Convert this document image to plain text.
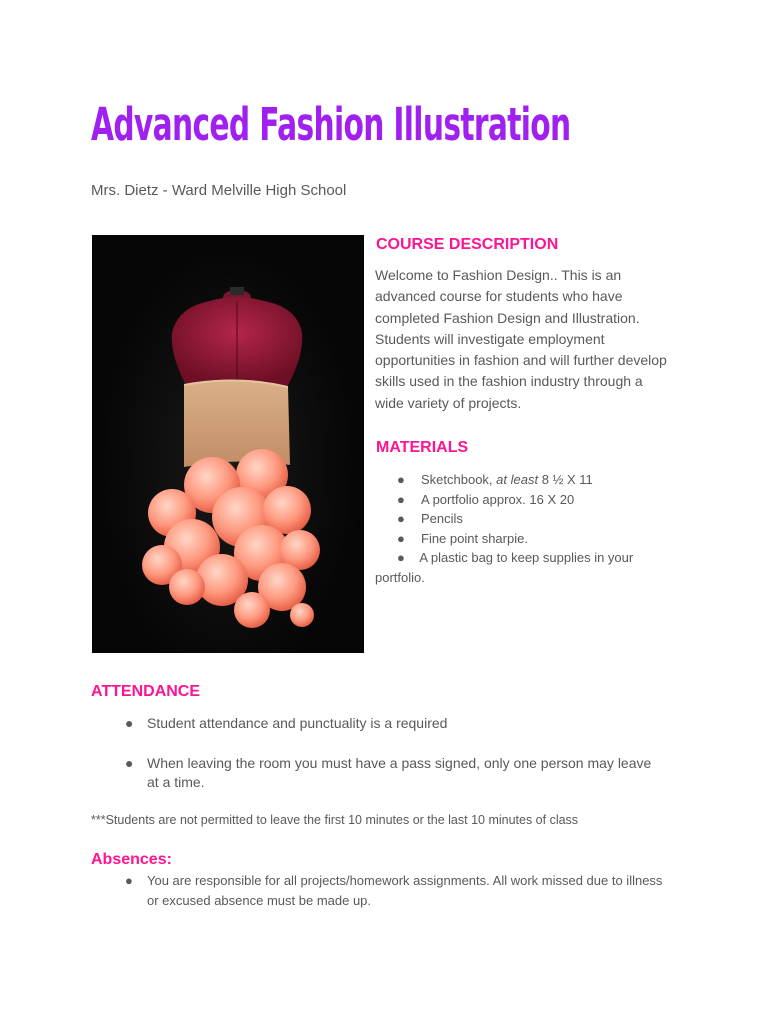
Advanced Fashion Illustration
Mrs. Dietz - Ward Melville High School
COURSE DESCRIPTION

Welcome to Fashion Design.. This is an advanced course for students who have completed Fashion Design and Illustration. Students will investigate employment opportunities in fashion and will further develop skills used in the fashion industry through a wide variety of projects.

MATERIALS
● Sketchbook, at least 8 ½ X 11
● A portfolio approx. 16 X 20
● Pencils
● Fine point sharpie.
● A plastic bag to keep supplies in your
portfolio.
ATTENDANCE
● Student attendance and punctuality is a required
● When leaving the room you must have a pass signed, only one person may leave at a time.
***Students are not permitted to leave the first 10 minutes or the last 10 minutes of class
Absences:
● You are responsible for all projects/homework assignments. All work missed due to illness or excused absence must be made up.
